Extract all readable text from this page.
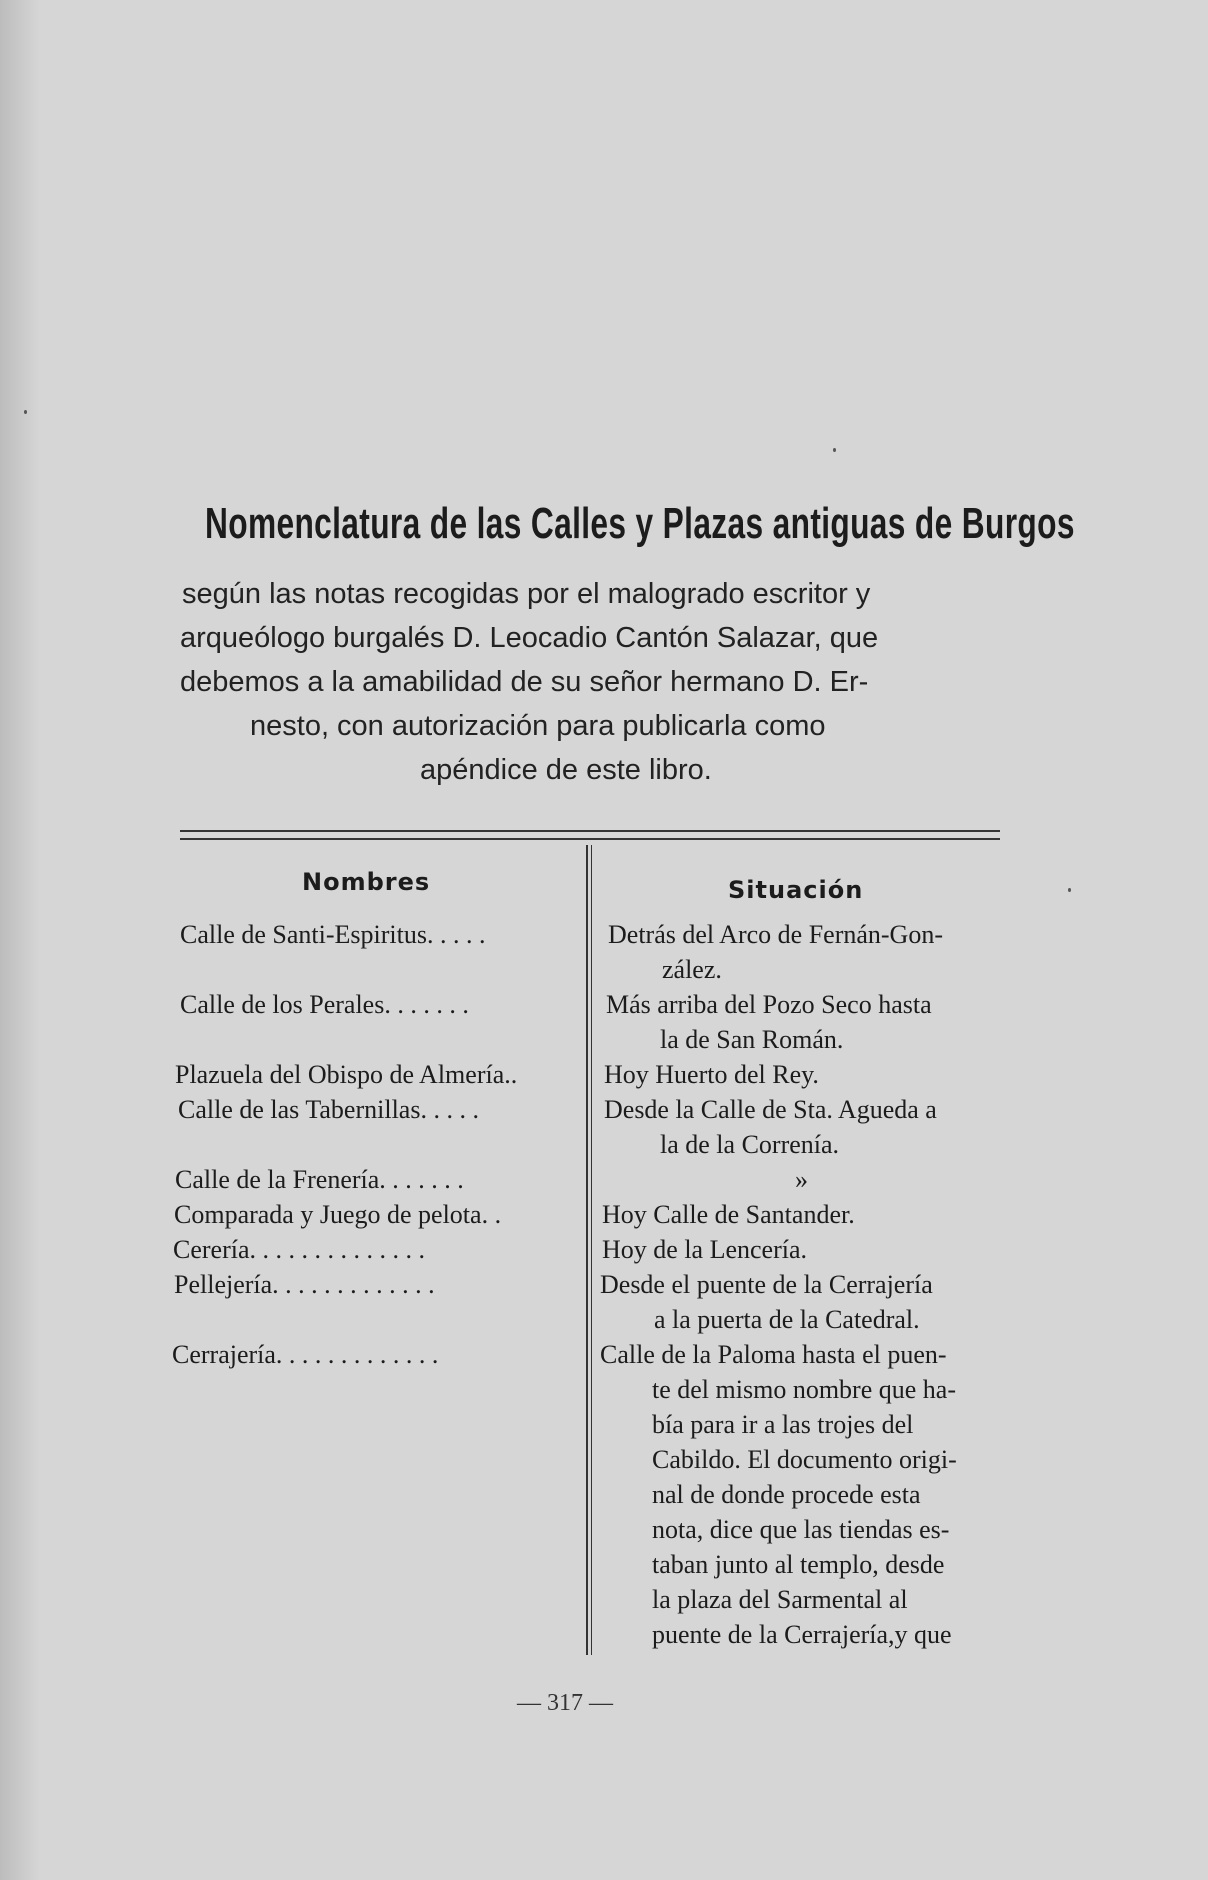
Nomenclatura de las Calles y Plazas antiguas de Burgos
según las notas recogidas por el malogrado escritor y
arqueólogo burgalés D. Leocadio Cantón Salazar, que
debemos a la amabilidad de su señor hermano D. Er-
nesto, con autorización para publicarla como
apéndice de este libro.
Nombres	Situación
Calle de Santi-Espiritus. . . . .	Detrás del Arco de Fernán-Gon-
zález.
Calle de los Perales. . . . . . .	Más arriba del Pozo Seco hasta
la de San Román.
Plazuela del Obispo de Almería..	Hoy Huerto del Rey.
Calle de las Tabernillas. . . . .	Desde la Calle de Sta. Agueda a
la de la Correnía.
Calle de la Frenería. . . . . . .	»
Comparada y Juego de pelota. .	Hoy Calle de Santander.
Cerería. . . . . . . . . . . . . .	Hoy de la Lencería.
Pellejería. . . . . . . . . . . . .	Desde el puente de la Cerrajería
a la puerta de la Catedral.
Cerrajería. . . . . . . . . . . . .	Calle de la Paloma hasta el puen-
te del mismo nombre que ha-
bía para ir a las trojes del
Cabildo. El documento origi-
nal de donde procede esta
nota, dice que las tiendas es-
taban junto al templo, desde
la plaza del Sarmental al
puente de la Cerrajería,y que
— 317 —
